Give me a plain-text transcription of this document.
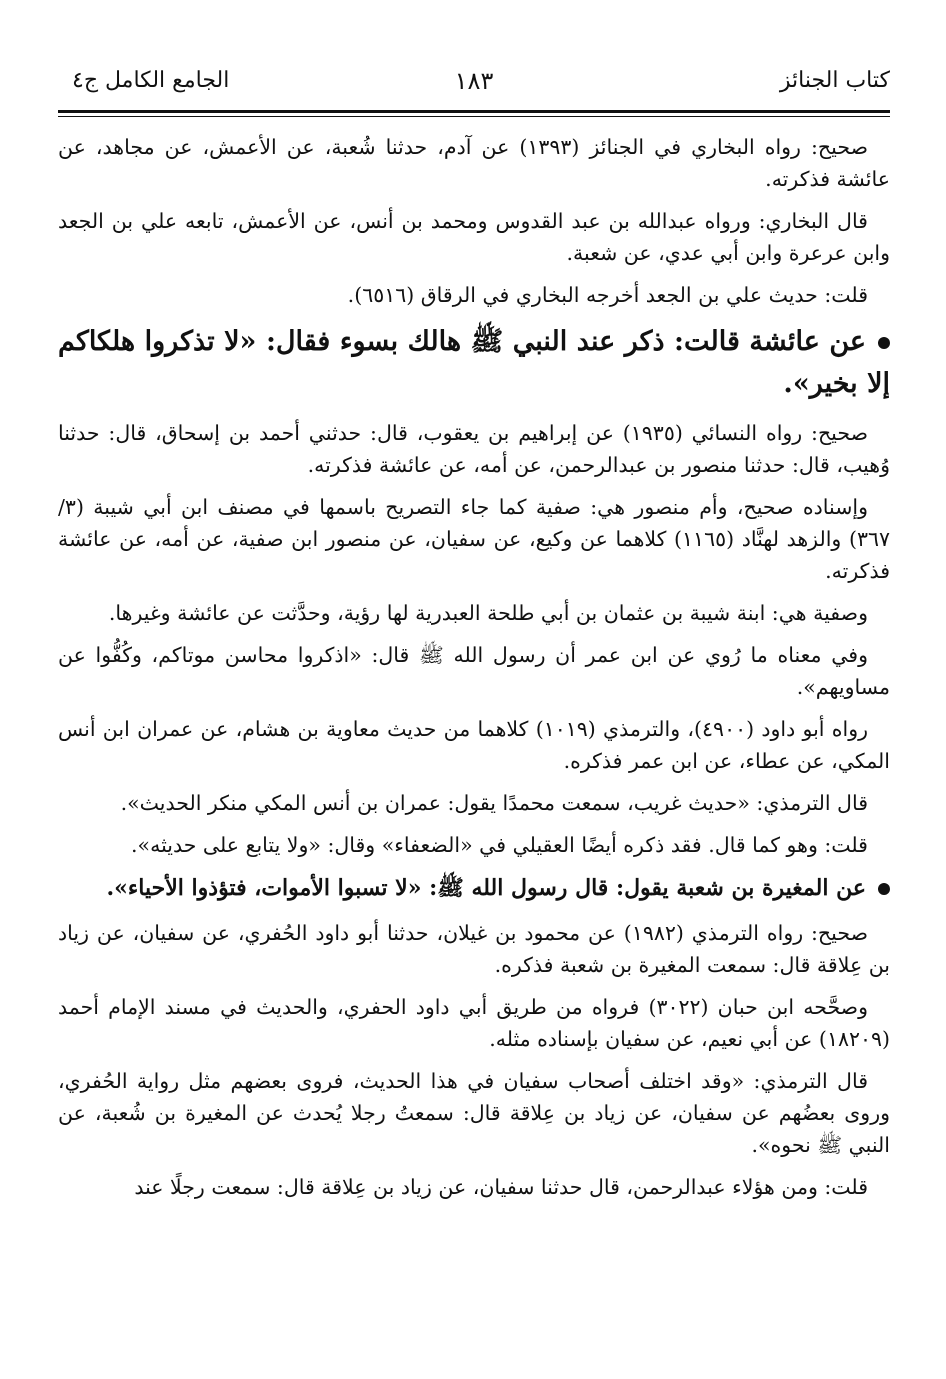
كتاب الجنائز
١٨٣
الجامع الكامل ج٤

صحيح: رواه البخاري في الجنائز (١٣٩٣) عن آدم، حدثنا شُعبة، عن الأعمش، عن مجاهد، عن عائشة فذكرته.

قال البخاري: ورواه عبدالله بن عبد القدوس ومحمد بن أنس، عن الأعمش، تابعه علي بن الجعد وابن عرعرة وابن أبي عدي، عن شعبة.

قلت: حديث علي بن الجعد أخرجه البخاري في الرقاق (٦٥١٦).

عن عائشة قالت: ذكر عند النبي ﷺ هالك بسوء فقال: «لا تذكروا هلكاكم إلا بخير».

صحيح: رواه النسائي (١٩٣٥) عن إبراهيم بن يعقوب، قال: حدثني أحمد بن إسحاق، قال: حدثنا وُهيب، قال: حدثنا منصور بن عبدالرحمن، عن أمه، عن عائشة فذكرته.

وإسناده صحيح، وأم منصور هي: صفية كما جاء التصريح باسمها في مصنف ابن أبي شيبة (٣/ ٣٦٧) والزهد لهنَّاد (١١٦٥) كلاهما عن وكيع، عن سفيان، عن منصور ابن صفية، عن أمه، عن عائشة فذكرته.

وصفية هي: ابنة شيبة بن عثمان بن أبي طلحة العبدرية لها رؤية، وحدَّثت عن عائشة وغيرها.

وفي معناه ما رُوي عن ابن عمر أن رسول الله ﷺ قال: «اذكروا محاسن موتاكم، وكُفُّوا عن مساويهم».

رواه أبو داود (٤٩٠٠)، والترمذي (١٠١٩) كلاهما من حديث معاوية بن هشام، عن عمران ابن أنس المكي، عن عطاء، عن ابن عمر فذكره.

قال الترمذي: «حديث غريب، سمعت محمدًا يقول: عمران بن أنس المكي منكر الحديث».

قلت: وهو كما قال. فقد ذكره أيضًا العقيلي في «الضعفاء» وقال: «ولا يتابع على حديثه».

عن المغيرة بن شعبة يقول: قال رسول الله ﷺ: «لا تسبوا الأموات، فتؤذوا الأحياء».

صحيح: رواه الترمذي (١٩٨٢) عن محمود بن غيلان، حدثنا أبو داود الحُفري، عن سفيان، عن زياد بن عِلاقة قال: سمعت المغيرة بن شعبة فذكره.

وصحَّحه ابن حبان (٣٠٢٢) فرواه من طريق أبي داود الحفري، والحديث في مسند الإمام أحمد (١٨٢٠٩) عن أبي نعيم، عن سفيان بإسناده مثله.

قال الترمذي: «وقد اختلف أصحاب سفيان في هذا الحديث، فروى بعضهم مثل رواية الحُفري، وروى بعضُهم عن سفيان، عن زياد بن عِلاقة قال: سمعتُ رجلا يُحدث عن المغيرة بن شُعبة، عن النبي ﷺ نحوه».

قلت: ومن هؤلاء عبدالرحمن، قال حدثنا سفيان، عن زياد بن عِلاقة قال: سمعت رجلًا عند
